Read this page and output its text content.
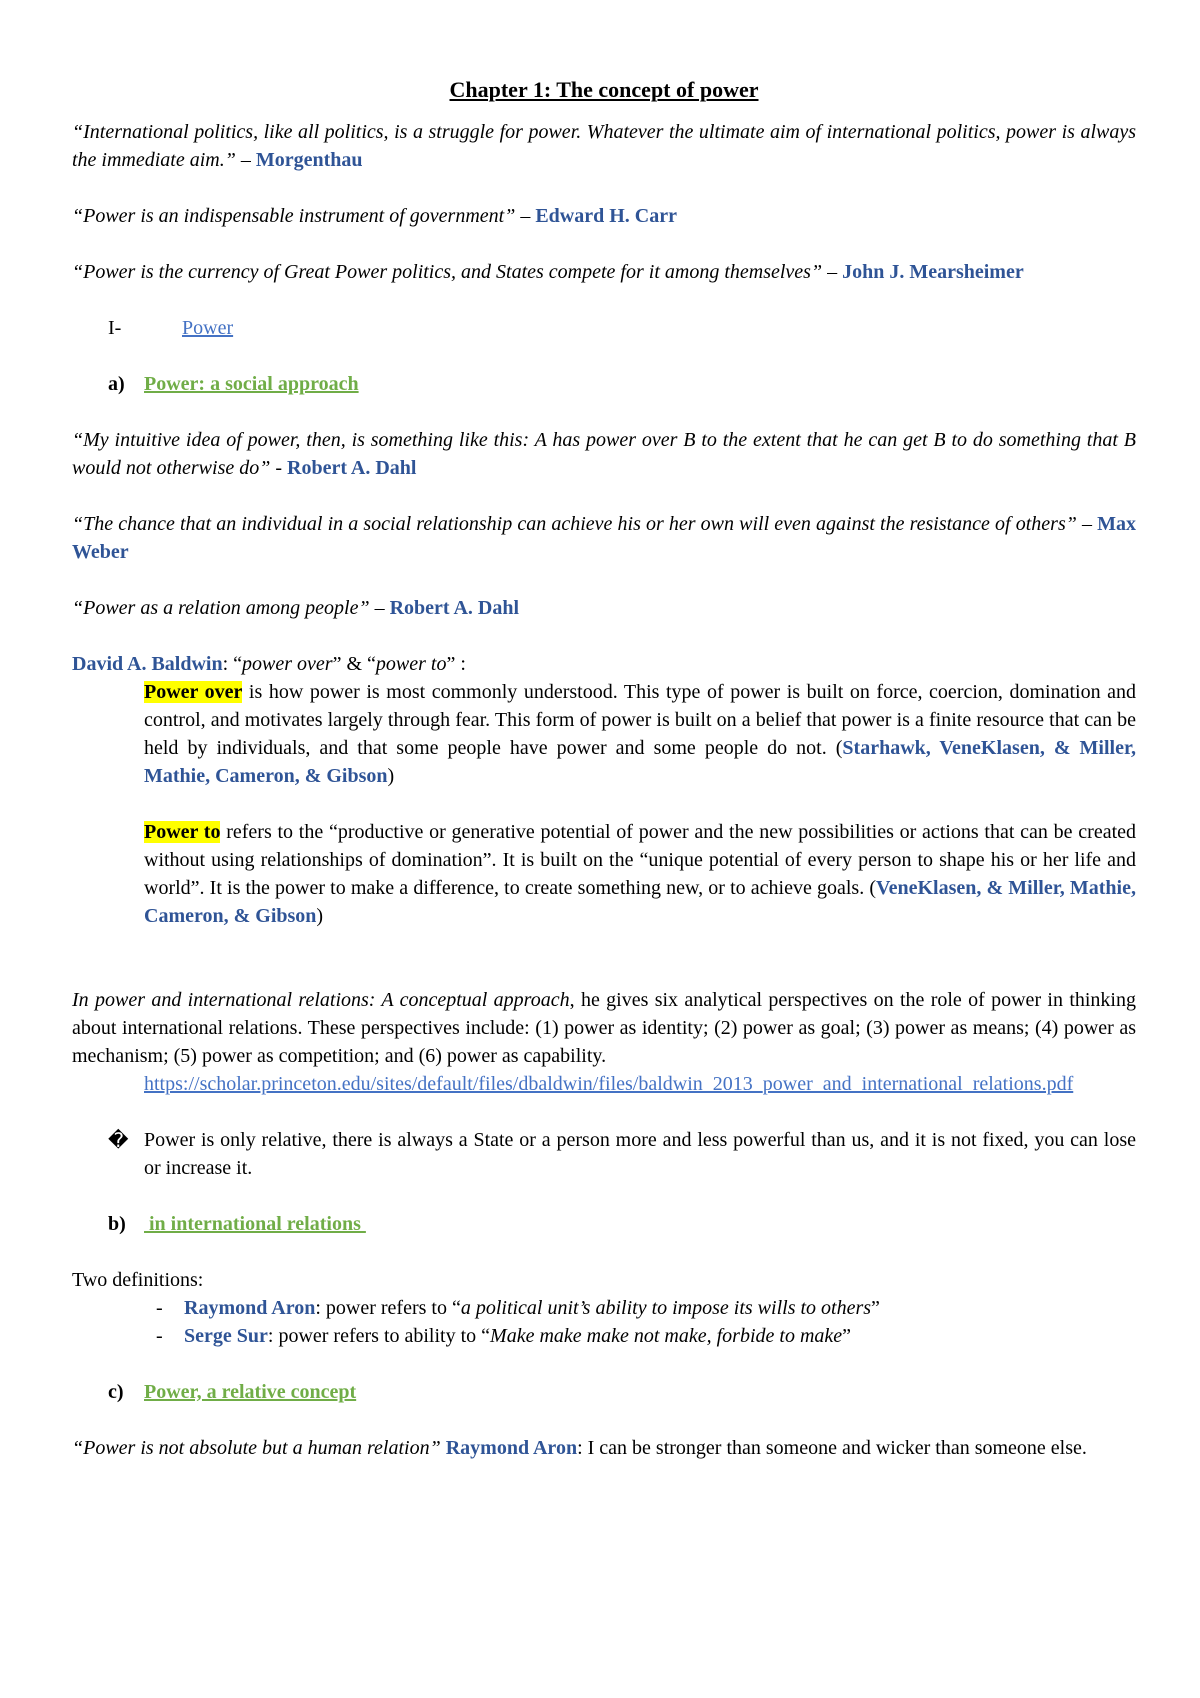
Chapter 1: The concept of power

“International politics, like all politics, is a struggle for power. Whatever the ultimate aim of international politics, power is always the immediate aim.” – Morgenthau

“Power is an indispensable instrument of government” – Edward H. Carr

“Power is the currency of Great Power politics, and States compete for it among themselves” – John J. Mearsheimer

I-	Power
a) Power: a social approach

“My intuitive idea of power, then, is something like this: A has power over B to the extent that he can get B to do something that B would not otherwise do” - Robert A. Dahl

“The chance that an individual in a social relationship can achieve his or her own will even against the resistance of others” – Max Weber

“Power as a relation among people” – Robert A. Dahl

David A. Baldwin: “power over” & “power to” :

Power over is how power is most commonly understood. This type of power is built on force, coercion, domination and control, and motivates largely through fear. This form of power is built on a belief that power is a finite resource that can be held by individuals, and that some people have power and some people do not. (Starhawk, VeneKlasen, & Miller, Mathie, Cameron, & Gibson)

Power to refers to the “productive or generative potential of power and the new possibilities or actions that can be created without using relationships of domination”. It is built on the “unique potential of every person to shape his or her life and world”. It is the power to make a difference, to create something new, or to achieve goals. (VeneKlasen, & Miller, Mathie, Cameron, & Gibson)

In power and international relations: A conceptual approach, he gives six analytical perspectives on the role of power in thinking about international relations. These perspectives include: (1) power as identity; (2) power as goal; (3) power as means; (4) power as mechanism; (5) power as competition; and (6) power as capability.

https://scholar.princeton.edu/sites/default/files/dbaldwin/files/baldwin_2013_power_and_international_relations.pdf

� Power is only relative, there is always a State or a person more and less powerful than us, and it is not fixed, you can lose or increase it.

b) in international relations

Two definitions:

-	Raymond Aron: power refers to “a political unit’s ability to impose its wills to others”

-	Serge Sur: power refers to ability to “Make make make not make, forbide to make”

c)	Power, a relative concept

“Power is not absolute but a human relation” Raymond Aron: I can be stronger than someone and wicker than someone else.
